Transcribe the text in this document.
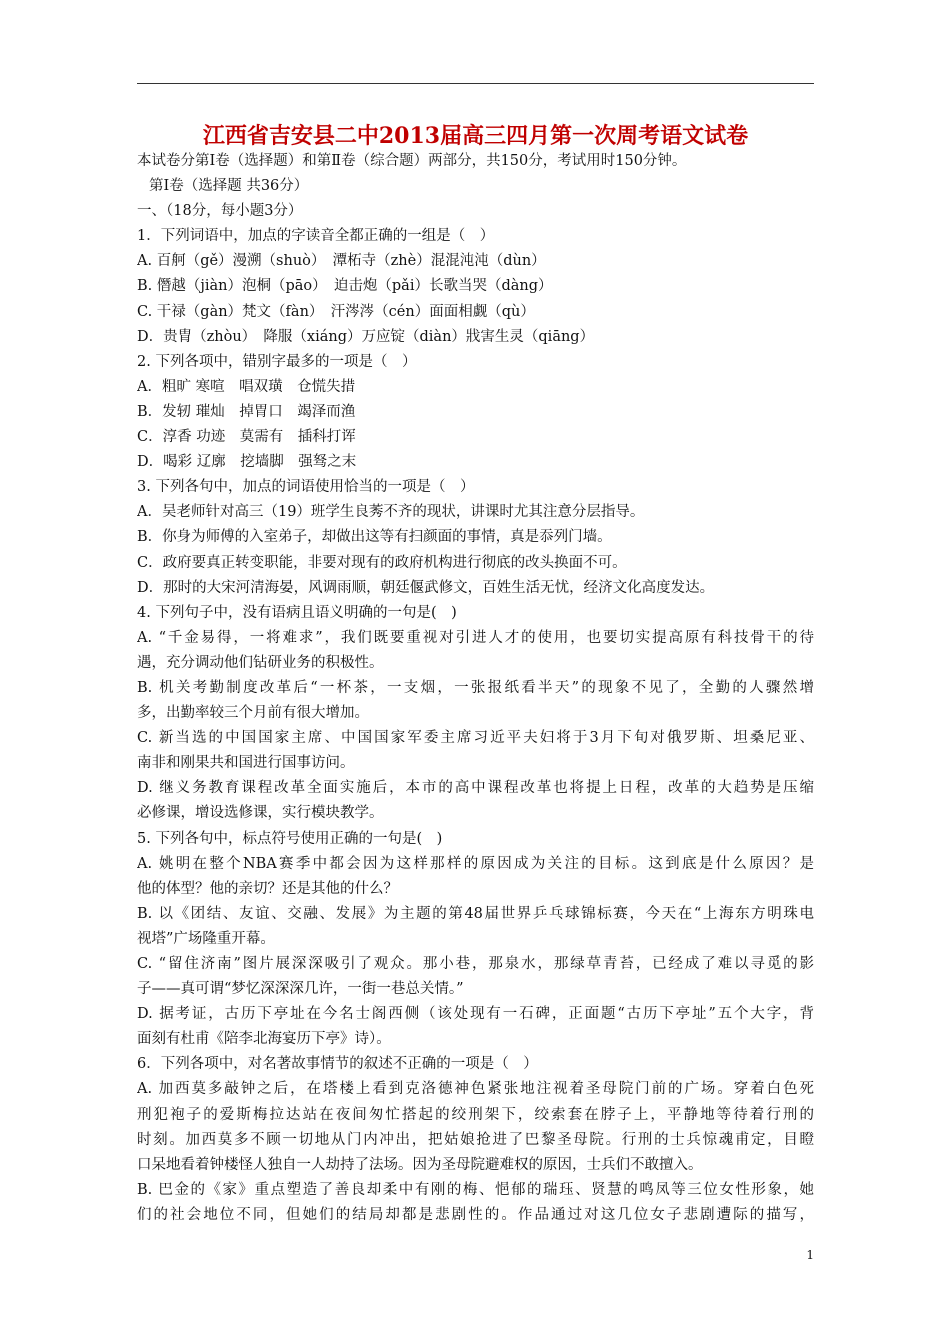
江西省吉安县二中2013届高三四月第一次周考语文试卷
本试卷分第Ⅰ卷（选择题）和第Ⅱ卷（综合题）两部分，共150分，考试用时150分钟。
第Ⅰ卷（选择题 共36分）
一、（18分，每小题3分）
1．下列词语中，加点的字读音全都正确的一组是（　）
A. 百舸（gě）漫溯（shuò）　潭柘寺（zhè）混混沌沌（dùn）
B. 僭越（jiàn）泡桐（pāo）　迫击炮（pǎi）长歌当哭（dàng）
C. 干禄（gàn）梵文（fàn）　汗涔涔（cén）面面相觑（qù）
D．贵胄（zhòu）　降服（xiáng）万应锭（diàn）戕害生灵（qiāng）
2. 下列各项中，错别字最多的一项是（　）
A．粗旷 寒喧　唱双璜　仓慌失措
B．发轫 璀灿　掉胃口　竭泽而渔
C．淳香 功迹　莫需有　插科打诨
D．喝彩 辽廓　挖墙脚　强驽之末
3. 下列各句中，加点的词语使用恰当的一项是（　）
A．吴老师针对高三（19）班学生良莠不齐的现状，讲课时尤其注意分层指导。
B．你身为师傅的入室弟子，却做出这等有扫颜面的事情，真是忝列门墙。
C．政府要真正转变职能，非要对现有的政府机构进行彻底的改头换面不可。
D．那时的大宋河清海晏，风调雨顺，朝廷偃武修文，百姓生活无忧，经济文化高度发达。
4. 下列句子中，没有语病且语义明确的一句是(　)
A. “千金易得，一将难求”，我们既要重视对引进人才的使用，也要切实提高原有科技骨干的待
遇，充分调动他们钻研业务的积极性。
B. 机关考勤制度改革后“一杯茶，一支烟，一张报纸看半天”的现象不见了，全勤的人骤然增
多，出勤率较三个月前有很大增加。
C. 新当选的中国国家主席、中国国家军委主席习近平夫妇将于3月下旬对俄罗斯、坦桑尼亚、
南非和刚果共和国进行国事访问。
D. 继义务教育课程改革全面实施后，本市的高中课程改革也将提上日程，改革的大趋势是压缩
必修课，增设选修课，实行模块教学。
5. 下列各句中，标点符号使用正确的一句是(　)
A. 姚明在整个NBA赛季中都会因为这样那样的原因成为关注的目标。这到底是什么原因？是
他的体型？他的亲切？还是其他的什么？
B. 以《团结、友谊、交融、发展》为主题的第48届世界乒乓球锦标赛，今天在“上海东方明珠电
视塔”广场隆重开幕。
C. “留住济南”图片展深深吸引了观众。那小巷，那泉水，那绿草青苔，已经成了难以寻觅的影
子——真可谓“梦忆深深深几许，一街一巷总关情。”
D. 据考证，古历下亭址在今名士阁西侧（该处现有一石碑，正面题“古历下亭址”五个大字，背
面刻有杜甫《陪李北海宴历下亭》诗）。
6．下列各项中，对名著故事情节的叙述不正确的一项是（　）
A. 加西莫多敲钟之后，在塔楼上看到克洛德神色紧张地注视着圣母院门前的广场。穿着白色死
刑犯袍子的爱斯梅拉达站在夜间匆忙搭起的绞刑架下，绞索套在脖子上，平静地等待着行刑的
时刻。加西莫多不顾一切地从门内冲出，把姑娘抢进了巴黎圣母院。行刑的士兵惊魂甫定，目瞪
口呆地看着钟楼怪人独自一人劫持了法场。因为圣母院避难权的原因，士兵们不敢擅入。
B. 巴金的《家》重点塑造了善良却柔中有刚的梅、悒郁的瑞珏、贤慧的鸣凤等三位女性形象，她
们的社会地位不同，但她们的结局却都是悲剧性的。作品通过对这几位女子悲剧遭际的描写，
1
